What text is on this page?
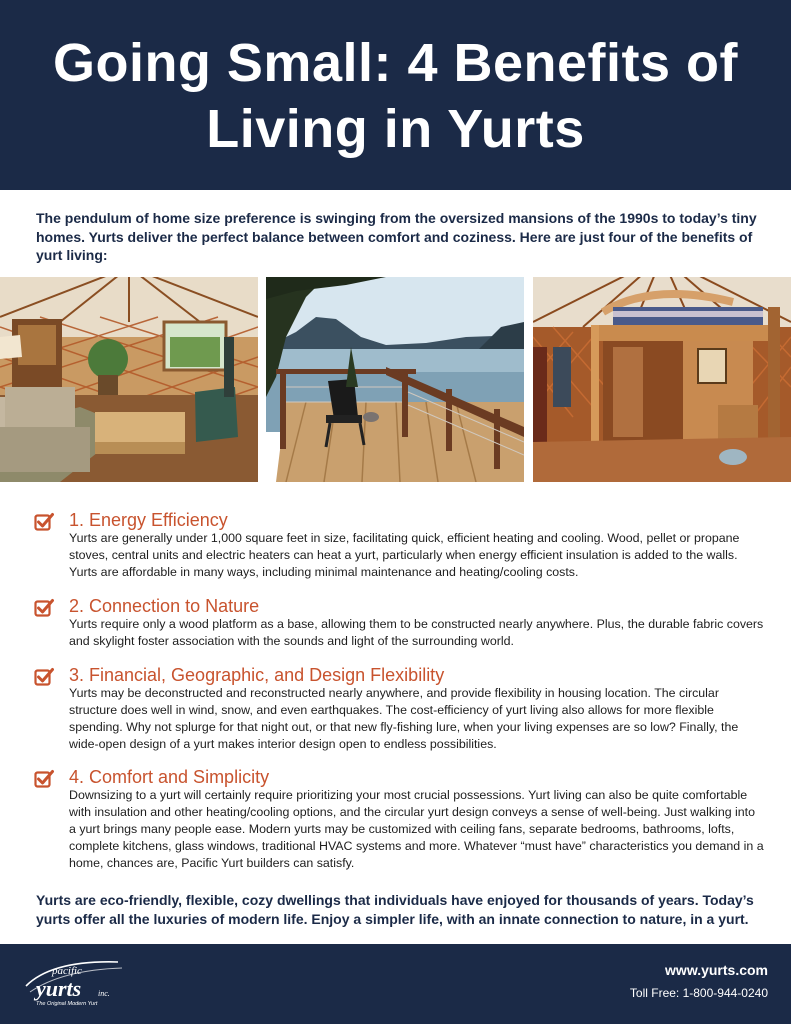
Going Small: 4 Benefits of Living in Yurts

The pendulum of home size preference is swinging from the oversized mansions of the 1990s to today’s tiny homes. Yurts deliver the perfect balance between comfort and coziness. Here are just four of the benefits of yurt living:

1. Energy Efficiency

Yurts are generally under 1,000 square feet in size, facilitating quick, efficient heating and cooling. Wood, pellet or propane stoves, central units and electric heaters can heat a yurt, particularly when energy efficient insulation is added to the walls. Yurts are affordable in many ways, including minimal maintenance and heating/cooling costs.

2. Connection to Nature

Yurts require only a wood platform as a base, allowing them to be constructed nearly anywhere. Plus, the durable fabric covers and skylight foster association with the sounds and light of the surrounding world.

3. Financial, Geographic, and Design Flexibility

Yurts may be deconstructed and reconstructed nearly anywhere, and provide flexibility in housing location. The circular structure does well in wind, snow, and even earthquakes. The cost-efficiency of yurt living also allows for more flexible spending. Why not splurge for that night out, or that new fly-fishing lure, when your living expenses are so low? Finally, the wide-open design of a yurt makes interior design open to endless possibilities.

4. Comfort and Simplicity

Downsizing to a yurt will certainly require prioritizing your most crucial possessions. Yurt living can also be quite comfortable with insulation and other heating/cooling options, and the circular yurt design conveys a sense of well-being. Just walking into a yurt brings many people ease. Modern yurts may be customized with ceiling fans, separate bedrooms, bathrooms, lofts, complete kitchens, glass windows, traditional HVAC systems and more. Whatever “must have” characteristics you demand in a home, chances are, Pacific Yurt builders can satisfy.

Yurts are eco-friendly, flexible, cozy dwellings that individuals have enjoyed for thousands of years. Today’s yurts offer all the luxuries of modern life. Enjoy a simpler life, with an innate connection to nature, in a yurt.

pacific
yurts inc.
The Original Modern Yurt
www.yurts.com
Toll Free: 1-800-944-0240
